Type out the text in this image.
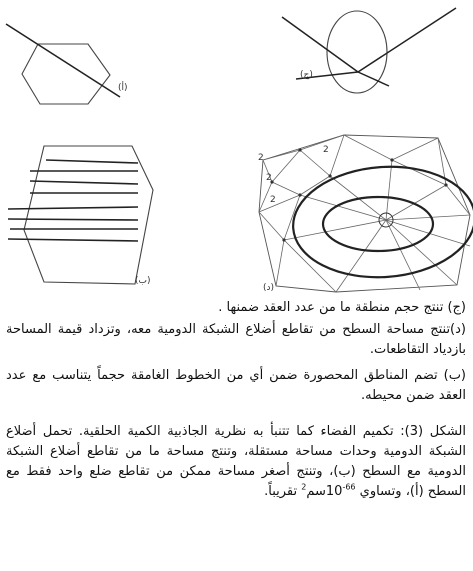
(أ)
(ج)
(ب)
2
2
2
2
(د)

(ج) تنتج حجم منطقة ما من عدد العقد ضمنها .

(د)تنتج مساحة السطح من تقاطع أضلاع الشبكة الدومية معه، وتزداد قيمة المساحة بازدياد التقاطعات.

(ب) تضم المناطق المحصورة ضمن أي من الخطوط الغامقة حجماً يتناسب مع عدد العقد ضمن محيطه.

الشكل (3): تكميم الفضاء كما تتنبأ به نظرية الجاذبية الكمية الحلقية. تحمل أضلاع الشبكة الدومية وحدات مساحة مستقلة، وتنتج مساحة ما من تقاطع أضلاع الشبكة الدومية مع السطح (ب)، وتنتج أصغر مساحة ممكن من تقاطع ضلع واحد فقط مع السطح (أ)، وتساوي $10^{-66}سم^2$ تقريباً.
